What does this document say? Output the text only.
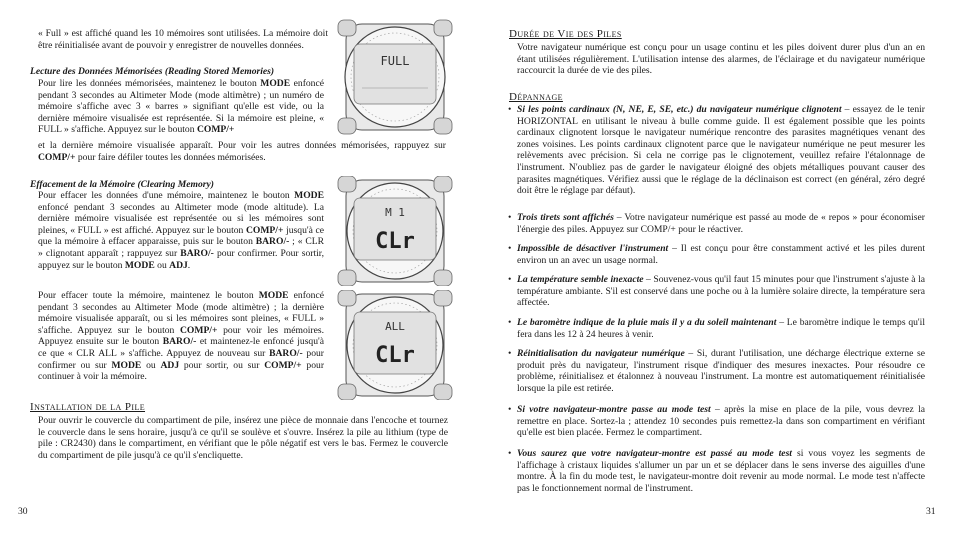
« Full » est affiché quand les 10 mémoires sont utilisées. La mémoire doit être réinitialisée avant de pouvoir y enregistrer de nouvelles données.
Lecture des Données Mémorisées (Reading Stored Memories)
Pour lire les données mémorisées, maintenez le bouton MODE enfoncé pendant 3 secondes au Altimeter Mode (mode altimètre) ; un numéro de mémoire s'affiche avec 3 « barres » signifiant qu'elle est vide, ou la dernière mémoire visualisée est représentée. Si la mémoire est pleine, « FULL » s'affiche. Appuyez sur le bouton COMP/+
et la dernière mémoire visualisée apparaît. Pour voir les autres données mémorisées, rappuyez sur COMP/+ pour faire défiler toutes les données mémorisées.
Effacement de la Mémoire (Clearing Memory)
Pour effacer les données d'une mémoire, maintenez le bouton MODE enfoncé pendant 3 secondes au Altimeter mode (mode altitude). La dernière mémoire visualisée est représentée ou si les mémoires sont pleines, « FULL » est affiché. Appuyez sur le bouton COMP/+ jusqu'à ce que la mémoire à effacer apparaisse, puis sur le bouton BARO/- ; « CLR » clignotant apparaît ; rappuyez sur BARO/- pour confirmer. Pour sortir, appuyez sur le bouton MODE ou ADJ.
Pour effacer toute la mémoire, maintenez le bouton MODE enfoncé pendant 3 secondes au Altimeter Mode (mode altimètre) ; la dernière mémoire visualisée apparaît, ou si les mémoires sont pleines, « FULL » s'affiche. Appuyez sur le bouton COMP/+ pour voir les mémoires. Appuyez ensuite sur le bouton BARO/- et maintenez-le enfoncé jusqu'à ce que « CLR ALL » s'affiche. Appuyez de nouveau sur BARO/- pour confirmer ou sur MODE ou ADJ pour sortir, ou sur COMP/+ pour continuer à voir la mémoire.
Installation de la Pile
Pour ouvrir le couvercle du compartiment de pile, insérez une pièce de monnaie dans l'encoche et tournez le couvercle dans le sens horaire, jusqu'à ce qu'il se soulève et s'ouvre. Insérez la pile au lithium (type de pile : CR2430) dans le compartiment, en vérifiant que le pôle négatif est vers le bas. Fermez le couvercle du compartiment de pile jusqu'à ce qu'il s'encliquette.
30
FULL
M 1
CLr
ALL
CLr
Durée de Vie des Piles
Votre navigateur numérique est conçu pour un usage continu et les piles doivent durer plus d'un an en étant utilisées régulièrement. L'utilisation intense des alarmes, de l'éclairage et du navigateur numérique raccourcit la durée de vie des piles.
Dépannage
• Si les points cardinaux (N, NE, E, SE, etc.) du navigateur numérique clignotent – essayez de le tenir HORIZONTAL en utilisant le niveau à bulle comme guide. Il est également possible que les points cardinaux clignotent lorsque le navigateur numérique rencontre des parasites magnétiques venant des zones voisines. Les points cardinaux clignotent parce que le navigateur numérique ne peut mesurer les relèvements avec précision. Si cela ne corrige pas le clignotement, veuillez refaire l'étalonnage de l'instrument. N'oubliez pas de garder le navigateur éloigné des objets métalliques pouvant causer des parasites magnétiques. Vérifiez aussi que le réglage de la déclinaison est correct (en général, zéro degré doit être le réglage par défaut).
• Trois tirets sont affichés – Votre navigateur numérique est passé au mode de « repos » pour économiser l'énergie des piles. Appuyez sur COMP/+ pour le réactiver.
• Impossible de désactiver l'instrument – Il est conçu pour être constamment activé et les piles durent environ un an avec un usage normal.
• La température semble inexacte – Souvenez-vous qu'il faut 15 minutes pour que l'instrument s'ajuste à la température ambiante. S'il est conservé dans une poche ou à la lumière solaire directe, la température sera affectée.
• Le baromètre indique de la pluie mais il y a du soleil maintenant – Le baromètre indique le temps qu'il fera dans les 12 à 24 heures à venir.
• Réinitialisation du navigateur numérique – Si, durant l'utilisation, une décharge électrique externe se produit près du navigateur, l'instrument risque d'indiquer des mesures inexactes. Pour résoudre ce problème, réinitialisez et étalonnez à nouveau l'instrument. La montre est automatiquement réinitialisée lorsque la pile est retirée.
• Si votre navigateur-montre passe au mode test – après la mise en place de la pile, vous devrez la remettre en place. Sortez-la ; attendez 10 secondes puis remettez-la dans son compartiment en vérifiant qu'elle est bien placée. Fermez le compartiment.
• Vous saurez que votre navigateur-montre est passé au mode test si vous voyez les segments de l'affichage à cristaux liquides s'allumer un par un et se déplacer dans le sens inverse des aiguilles d'une montre. À la fin du mode test, le navigateur-montre doit revenir au mode normal. Le mode test n'affecte pas le fonctionnement normal de l'instrument.
31
